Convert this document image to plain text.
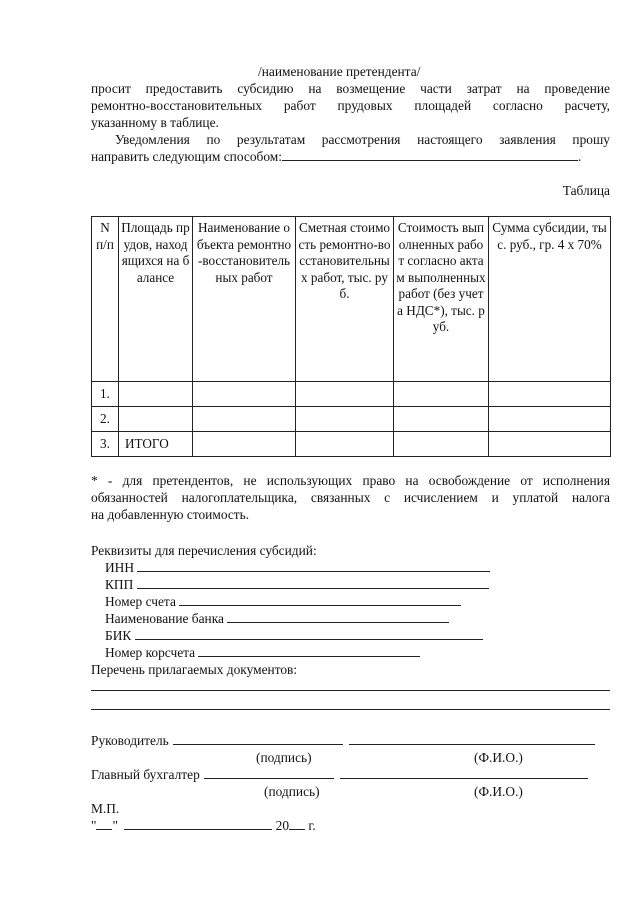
/наименование претендента/
просит предоставить субсидию на возмещение части затрат на проведение
ремонтно-восстановительных работ прудовых площадей согласно расчету,
указанному в таблице.
Уведомления по результатам рассмотрения настоящего заявления прошу
направить следующим способом:	.
Таблица
N п/п	Площадь прудов, находящихся на балансе	Наименование объекта ремонтно-восстановительных работ	Сметная стоимость ремонтно-восстановительных работ, тыс. руб.	Стоимость выполненных работ согласно актам выполненных работ (без учета НДС*), тыс. руб.	Сумма субсидии, тыс. руб., гр. 4 х 70%
1.					
2.					
3.	ИТОГО				
* - для претендентов, не использующих право на освобождение от исполнения
обязанностей налогоплательщика, связанных с исчислением и уплатой налога
на добавленную стоимость.
Реквизиты для перечисления субсидий:
ИНН
КПП
Номер счета
Наименование банка
БИК
Номер корсчета
Перечень прилагаемых документов:
Руководитель
(подпись)	(Ф.И.О.)
Главный бухгалтер
(подпись)	(Ф.И.О.)
М.П.
" "	20 г.
